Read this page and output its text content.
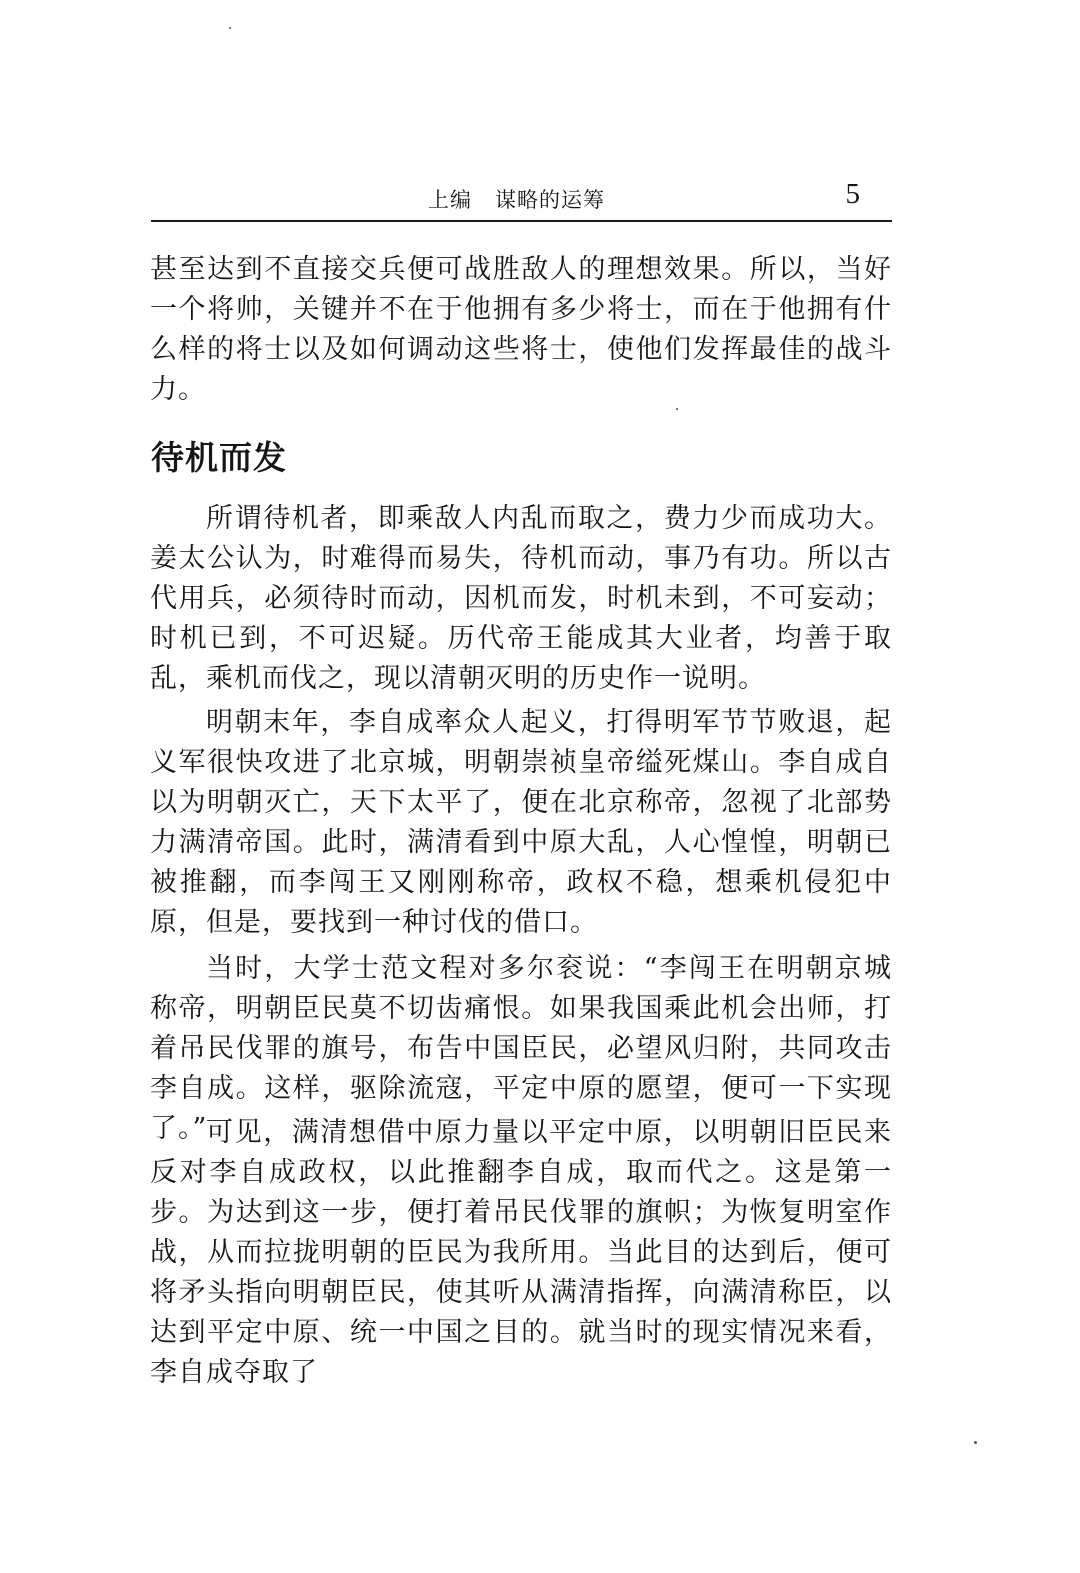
上编   谋略的运筹	5

甚至达到不直接交兵便可战胜敌人的理想效果。所以，当好一个将帅，关键并不在于他拥有多少将士，而在于他拥有什么样的将士以及如何调动这些将士，使他们发挥最佳的战斗力。

待机而发

所谓待机者，即乘敌人内乱而取之，费力少而成功大。姜太公认为，时难得而易失，待机而动，事乃有功。所以古代用兵，必须待时而动，因机而发，时机未到，不可妄动；时机已到，不可迟疑。历代帝王能成其大业者，均善于取乱，乘机而伐之，现以清朝灭明的历史作一说明。

明朝末年，李自成率众人起义，打得明军节节败退，起义军很快攻进了北京城，明朝崇祯皇帝缢死煤山。李自成自以为明朝灭亡，天下太平了，便在北京称帝，忽视了北部势力满清帝国。此时，满清看到中原大乱，人心惶惶，明朝已被推翻，而李闯王又刚刚称帝，政权不稳，想乘机侵犯中原，但是，要找到一种讨伐的借口。

当时，大学士范文程对多尔衮说：“李闯王在明朝京城称帝，明朝臣民莫不切齿痛恨。如果我国乘此机会出师，打着吊民伐罪的旗号，布告中国臣民，必望风归附，共同攻击李自成。这样，驱除流寇，平定中原的愿望，便可一下实现了。”

可见，满清想借中原力量以平定中原，以明朝旧臣民来反对李自成政权，以此推翻李自成，取而代之。这是第一步。为达到这一步，便打着吊民伐罪的旗帜；为恢复明室作战，从而拉拢明朝的臣民为我所用。当此目的达到后，便可将矛头指向明朝臣民，使其听从满清指挥，向满清称臣，以达到平定中原、统一中国之目的。就当时的现实情况来看，李自成夺取了
